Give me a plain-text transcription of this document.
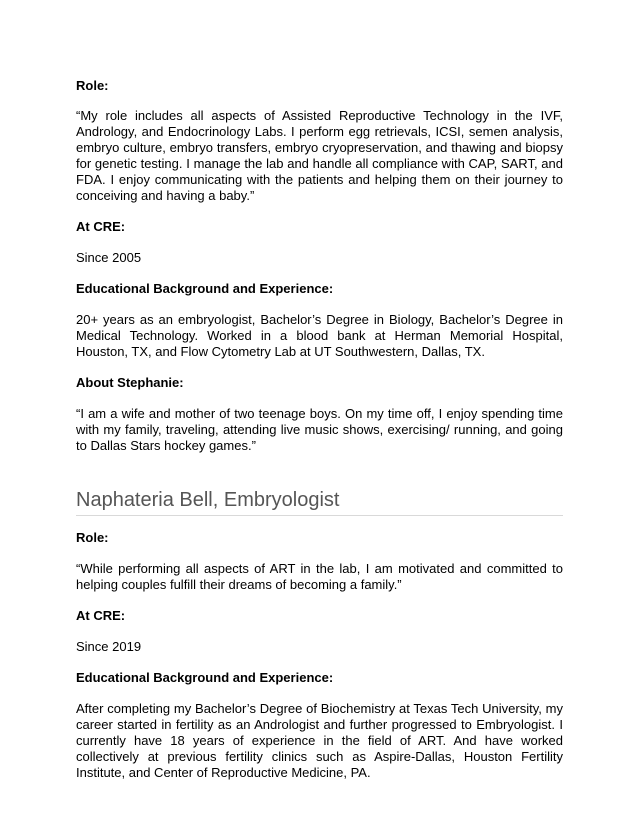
Role:

“My role includes all aspects of Assisted Reproductive Technology in the IVF, Andrology, and Endocrinology Labs. I perform egg retrievals, ICSI, semen analysis, embryo culture, embryo transfers, embryo cryopreservation, and thawing and biopsy for genetic testing. I manage the lab and handle all compliance with CAP, SART, and FDA. I enjoy communicating with the patients and helping them on their journey to conceiving and having a baby.”

At CRE:

Since 2005

Educational Background and Experience:

20+ years as an embryologist, Bachelor’s Degree in Biology, Bachelor’s Degree in Medical Technology. Worked in a blood bank at Herman Memorial Hospital, Houston, TX, and Flow Cytometry Lab at UT Southwestern, Dallas, TX.

About Stephanie:

“I am a wife and mother of two teenage boys. On my time off, I enjoy spending time with my family, traveling, attending live music shows, exercising/ running, and going to Dallas Stars hockey games.”

Naphateria Bell, Embryologist

Role:

“While performing all aspects of ART in the lab, I am motivated and committed to helping couples fulfill their dreams of becoming a family.”

At CRE:

Since 2019

Educational Background and Experience:

After completing my Bachelor’s Degree of Biochemistry at Texas Tech University, my career started in fertility as an Andrologist and further progressed to Embryologist. I currently have 18 years of experience in the field of ART. And have worked collectively at previous fertility clinics such as Aspire-Dallas, Houston Fertility Institute, and Center of Reproductive Medicine, PA.
